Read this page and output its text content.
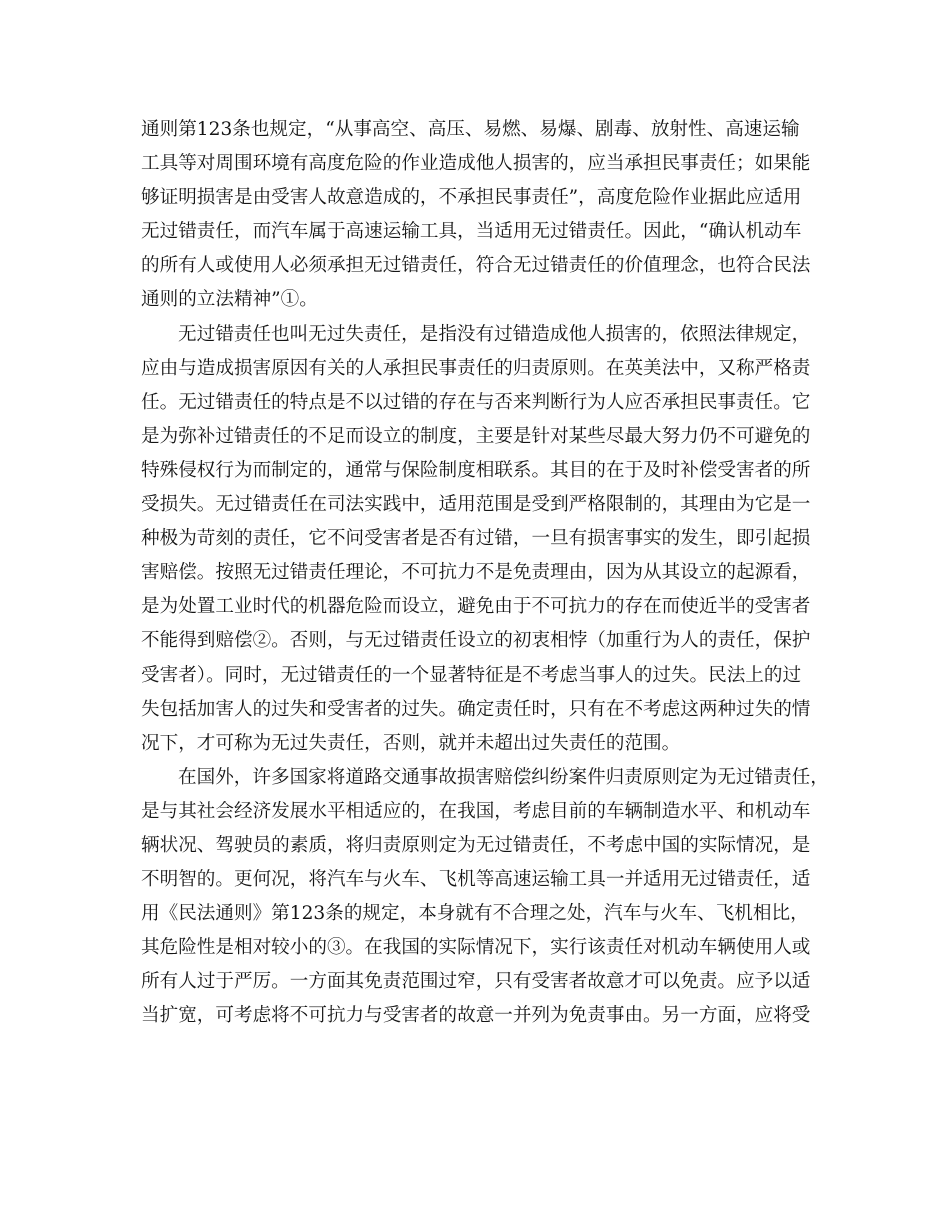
通则第123条也规定，“从事高空、高压、易燃、易爆、剧毒、放射性、高速运输
工具等对周围环境有高度危险的作业造成他人损害的，应当承担民事责任；如果能
够证明损害是由受害人故意造成的，不承担民事责任”，高度危险作业据此应适用
无过错责任，而汽车属于高速运输工具，当适用无过错责任。因此，“确认机动车
的所有人或使用人必须承担无过错责任，符合无过错责任的价值理念，也符合民法
通则的立法精神”①。
无过错责任也叫无过失责任，是指没有过错造成他人损害的，依照法律规定，
应由与造成损害原因有关的人承担民事责任的归责原则。在英美法中，又称严格责
任。无过错责任的特点是不以过错的存在与否来判断行为人应否承担民事责任。它
是为弥补过错责任的不足而设立的制度，主要是针对某些尽最大努力仍不可避免的
特殊侵权行为而制定的，通常与保险制度相联系。其目的在于及时补偿受害者的所
受损失。无过错责任在司法实践中，适用范围是受到严格限制的，其理由为它是一
种极为苛刻的责任，它不问受害者是否有过错，一旦有损害事实的发生，即引起损
害赔偿。按照无过错责任理论，不可抗力不是免责理由，因为从其设立的起源看，
是为处置工业时代的机器危险而设立，避免由于不可抗力的存在而使近半的受害者
不能得到赔偿②。否则，与无过错责任设立的初衷相悖（加重行为人的责任，保护
受害者）。同时，无过错责任的一个显著特征是不考虑当事人的过失。民法上的过
失包括加害人的过失和受害者的过失。确定责任时，只有在不考虑这两种过失的情
况下，才可称为无过失责任，否则，就并未超出过失责任的范围。
在国外，许多国家将道路交通事故损害赔偿纠纷案件归责原则定为无过错责任，
是与其社会经济发展水平相适应的，在我国，考虑目前的车辆制造水平、和机动车
辆状况、驾驶员的素质，将归责原则定为无过错责任，不考虑中国的实际情况，是
不明智的。更何况，将汽车与火车、飞机等高速运输工具一并适用无过错责任，适
用《民法通则》第123条的规定，本身就有不合理之处，汽车与火车、飞机相比，
其危险性是相对较小的③。在我国的实际情况下，实行该责任对机动车辆使用人或
所有人过于严厉。一方面其免责范围过窄，只有受害者故意才可以免责。应予以适
当扩宽，可考虑将不可抗力与受害者的故意一并列为免责事由。另一方面，应将受
